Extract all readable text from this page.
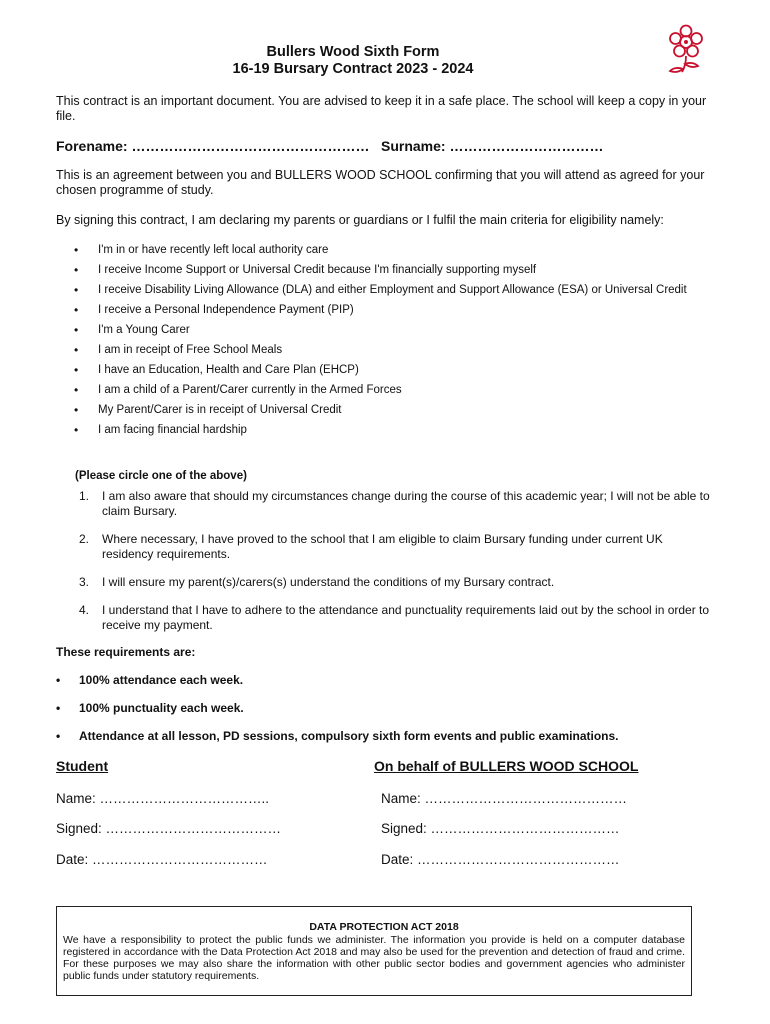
Bullers Wood Sixth Form
16-19 Bursary Contract 2023 - 2024
This contract is an important document. You are advised to keep it in a safe place. The school will keep a copy in your file.
Forename: …………………………………………… Surname: ……………………………
This is an agreement between you and BULLERS WOOD SCHOOL confirming that you will attend as agreed for your chosen programme of study.
By signing this contract, I am declaring my parents or guardians or I fulfil the main criteria for eligibility namely:
• I'm in or have recently left local authority care
• I receive Income Support or Universal Credit because I'm financially supporting myself
• I receive Disability Living Allowance (DLA) and either Employment and Support Allowance (ESA) or Universal Credit
• I receive a Personal Independence Payment (PIP)
• I'm a Young Carer
• I am in receipt of Free School Meals
• I have an Education, Health and Care Plan (EHCP)
• I am a child of a Parent/Carer currently in the Armed Forces
• My Parent/Carer is in receipt of Universal Credit
• I am facing financial hardship
(Please circle one of the above)
1. I am also aware that should my circumstances change during the course of this academic year; I will not be able to claim Bursary.
2. Where necessary, I have proved to the school that I am eligible to claim Bursary funding under current UK residency requirements.
3. I will ensure my parent(s)/carers(s) understand the conditions of my Bursary contract.
4. I understand that I have to adhere to the attendance and punctuality requirements laid out by the school in order to receive my payment.
These requirements are:
• 100% attendance each week.
• 100% punctuality each week.
• Attendance at all lesson, PD sessions, compulsory sixth form events and public examinations.
Student	On behalf of BULLERS WOOD SCHOOL
Name: ………………………………..
Signed: …………………………………
Date: …………………………………
Name: ………………………………………
Signed: ……………………………………
Date: ………………………………………
DATA PROTECTION ACT 2018
We have a responsibility to protect the public funds we administer. The information you provide is held on a computer database registered in accordance with the Data Protection Act 2018 and may also be used for the prevention and detection of fraud and crime. For these purposes we may also share the information with other public sector bodies and government agencies who administer public funds under statutory requirements.
